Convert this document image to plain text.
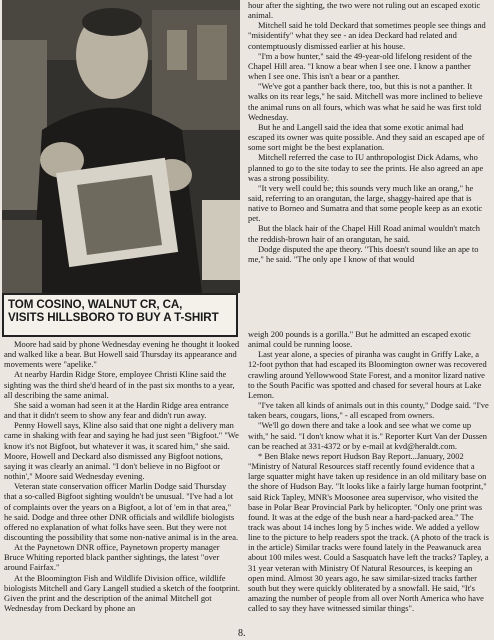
TOM COSINO, WALNUT CR, CA,
VISITS HILLSBORO TO BUY A T-SHIRT

Moore had said by phone Wednesday evening he thought it looked and walked like a bear. But Howell said Thursday its appearance and movements were "apelike."

At nearby Hardin Ridge Store, employee Christi Kline said the sighting was the third she'd heard of in the past six months to a year, all describing the same animal.

She said a woman had seen it at the Hardin Ridge area entrance and that it didn't seem to show any fear and didn't run away.

Penny Howell says, Kline also said that one night a delivery man came in shaking with fear and saying he had just seen "Bigfoot." "We know it's not Bigfoot, but whatever it was, it scared him," she said. Moore, Howell and Deckard also dismissed any Bigfoot notions, saying it was clearly an animal. "I don't believe in no Bigfoot or nothin'," Moore said Wednesday evening.

Veteran state conservation officer Marlin Dodge said Thursday that a so-called Bigfoot sighting wouldn't be unusual. "I've had a lot of complaints over the years on a Bigfoot, a lot of 'em in that area," he said. Dodge and three other DNR officials and wildlife biologists offered no explanation of what folks have seen. But they were not discounting the possibility that some non-native animal is in the area.

At the Paynetown DNR office, Paynetown property manager Bruce Whiting reported black panther sightings, the latest "over around Fairfax."

At the Bloomington Fish and Wildlife Division office, wildlife biologists Mitchell and Gary Langell studied a sketch of the footprint. Given the print and the description of the animal Mitchell got Wednesday from Deckard by phone an

hour after the sighting, the two were not ruling out an escaped exotic animal.

Mitchell said he told Deckard that sometimes people see things and "misidentify" what they see - an idea Deckard had related and contemptuously dismissed earlier at his house.

"I'm a bow hunter," said the 49-year-old lifelong resident of the Chapel Hill area. "I know a bear when I see one. I know a panther when I see one. This isn't a bear or a panther.

"We've got a panther back there, too, but this is not a panther. It walks on its rear legs," he said. Mitchell was more inclined to believe the animal runs on all fours, which was what he said he was first told Wednesday.

But he and Langell said the idea that some exotic animal had escaped its owner was quite possible. And they said an escaped ape of some sort might be the best explanation.

Mitchell referred the case to IU anthropologist Dick Adams, who planned to go to the site today to see the prints. He also agreed an ape was a strong possibility.

"It very well could be; this sounds very much like an orang," he said, referring to an orangutan, the large, shaggy-haired ape that is native to Borneo and Sumatra and that some people keep as an exotic pet.

But the black hair of the Chapel Hill Road animal wouldn't match the reddish-brown hair of an orangutan, he said.

Dodge disputed the ape theory. "This doesn't sound like an ape to me," he said. "The only ape I know of that would

weigh 200 pounds is a gorilla." But he admitted an escaped exotic animal could be running loose.

Last year alone, a species of piranha was caught in Griffy Lake, a 12-foot python that had escaped its Bloomington owner was recovered crawling around Yellowwood State Forest, and a monitor lizard native to the South Pacific was spotted and chased for several hours at Lake Lemon.

"I've taken all kinds of animals out in this county," Dodge said. "I've taken bears, cougars, lions," - all escaped from owners.

"We'll go down there and take a look and see what we come up with," he said. "I don't know what it is." Reporter Kurt Van der Dussen can be reached at 331-4372 or by e-mail at kvd@heraldt.com.

* Ben Blake news report Hudson Bay Report...January, 2002 "Ministry of Natural Resources staff recently found evidence that a large squatter might have taken up residence in an old military base on the shore of Hudson Bay. "It looks like a fairly large human footprint," said Rick Tapley, MNR's Moosonee area supervisor, who visited the base in Polar Bear Provincial Park by helicopter. "Only one print was found. It was at the edge of the bush near a hard-packed area." The track was about 14 inches long by 5 inches wide. We added a yellow line to the picture to help readers spot the track. (A photo of the track is in the article) Similar tracks were found lately in the Peawanuck area about 100 miles west. Could a Sasquatch have left the tracks? Tapley, a 31 year veteran with Ministry Of Natural Resources, is keeping an open mind. Almost 30 years ago, he saw similar-sized tracks farther south but they were quickly obliterated by a snowfall. He said, "It's amazing the number of people from all over North America who have called to say they have witnessed similar things".

8.
